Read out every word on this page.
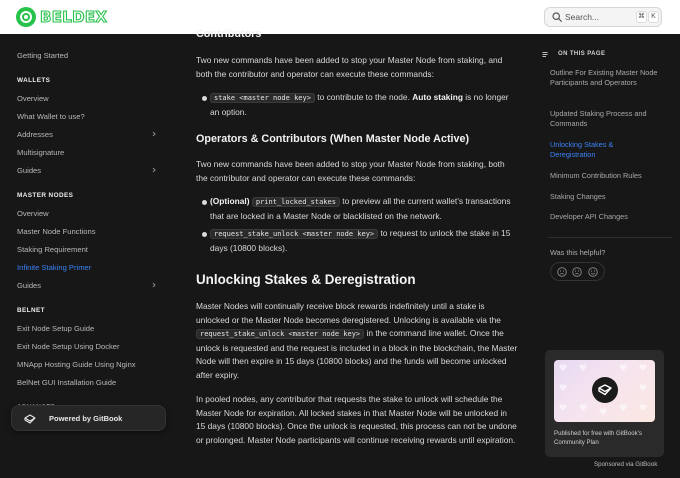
BELDEX	Search...	⌘ K
Getting Started
WALLETS
Overview
What Wallet to use?
Addresses
Multisignature
Guides
MASTER NODES
Overview
Master Node Functions
Staking Requirement
Infinite Staking Primer
Guides
BELNET
Exit Node Setup Guide
Exit Node Setup Using Docker
MNApp Hosting Guide Using Nginx
BelNet GUI Installation Guide
Powered by GitBook
Contributors

Two new commands have been added to stop your Master Node from staking, and both the contributor and operator can execute these commands:

stake <master node key> to contribute to the node. Auto staking is no longer an option.
Operators & Contributors (When Master Node Active)

Two new commands have been added to stop your Master Node from staking, both the contributor and operator can execute these commands:

(Optional) print_locked_stakes to preview all the current wallet's transactions that are locked in a Master Node or blacklisted on the network.
request_stake_unlock <master node key> to request to unlock the stake in 15 days (10800 blocks).
Unlocking Stakes & Deregistration

Master Nodes will continually receive block rewards indefinitely until a stake is unlocked or the Master Node becomes deregistered. Unlocking is available via the request_stake_unlock <master node key> in the command line wallet. Once the unlock is requested and the request is included in a block in the blockchain, the Master Node will then expire in 15 days (10800 blocks) and the funds will become unlocked after expiry.

In pooled nodes, any contributor that requests the stake to unlock will schedule the Master Node for expiration. All locked stakes in that Master Node will be unlocked in 15 days (10800 blocks). Once the unlock is requested, this process can not be undone or prolonged. Master Node participants will continue receiving rewards until expiration.

ON THIS PAGE
Outline For Existing Master Node Participants and Operators
Updated Staking Process and Commands
Unlocking Stakes & Deregistration
Minimum Contribution Rules
Staking Changes
Developer API Changes
Was this helpful?
Published for free with GitBook's Community Plan
Sponsored via GitBook
